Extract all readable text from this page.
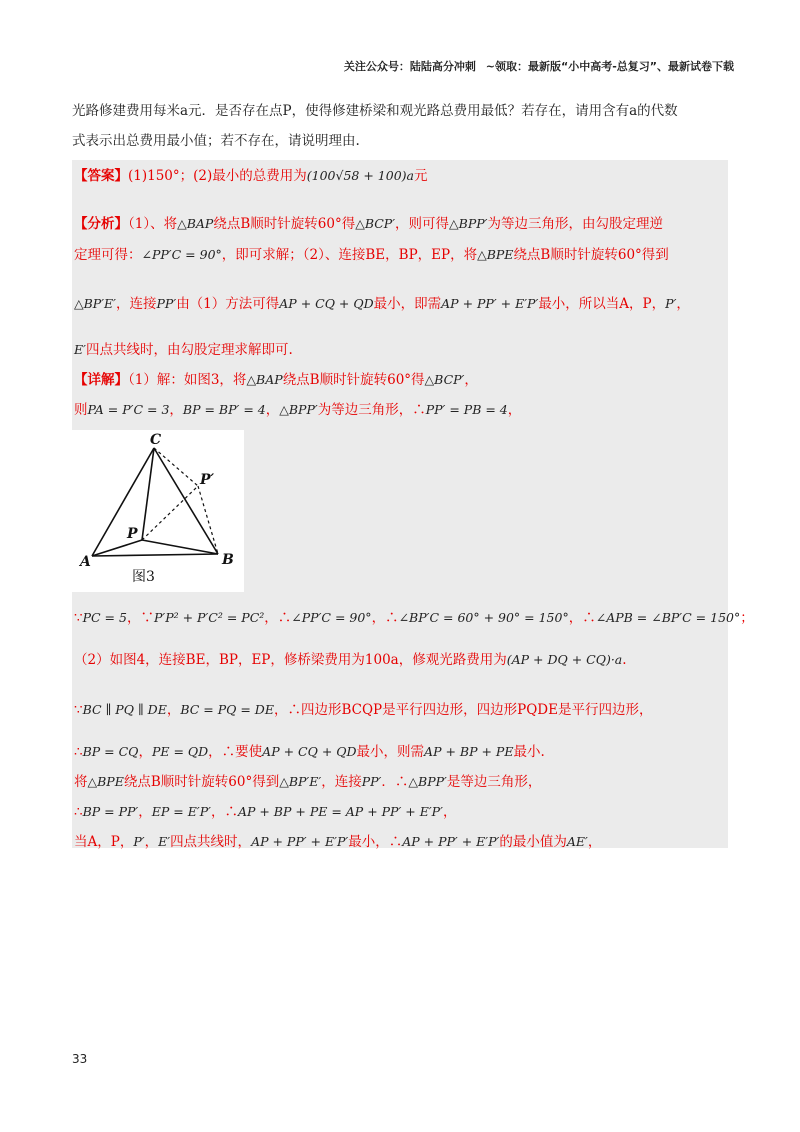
关注公众号：陆陆高分冲刺 ~领取：最新版“小中高考-总复习”、最新试卷下载
光路修建费用每米a元．是否存在点P，使得修建桥梁和观光路总费用最低？若存在，请用含有a的代数
式表示出总费用最小值；若不存在，请说明理由.
【答案】(1)150°；(2)最小的总费用为(100√58 + 100)a元
【分析】（1）、将△BAP绕点B顺时针旋转60°得△BCP′，则可得△BPP′为等边三角形，由勾股定理逆
定理可得：∠PP′C = 90°，即可求解；（2）、连接BE，BP，EP，将△BPE绕点B顺时针旋转60°得到
△BP′E′，连接PP′由（1）方法可得AP + CQ + QD最小，即需AP + PP′ + E′P′最小，所以当A，P，P′，
E′四点共线时，由勾股定理求解即可.
【详解】（1）解：如图3，将△BAP绕点B顺时针旋转60°得△BCP′，
则PA = P′C = 3，BP = BP′ = 4，△BPP′为等边三角形，∴PP′ = PB = 4，
C
A	B
P
P′
图3
∵PC = 5，∵P′P² + P′C² = PC²，∴∠PP′C = 90°，∴∠BP′C = 60° + 90° = 150°，∴∠APB = ∠BP′C = 150°；
（2）如图4，连接BE，BP，EP，修桥梁费用为100a，修观光路费用为(AP + DQ + CQ)·a.
∵BC ∥ PQ ∥ DE，BC = PQ = DE，∴四边形BCQP是平行四边形，四边形PQDE是平行四边形，
∴BP = CQ，PE = QD，∴要使AP + CQ + QD最小，则需AP + BP + PE最小.
将△BPE绕点B顺时针旋转60°得到△BP′E′，连接PP′．∴△BPP′是等边三角形，
∴BP = PP′，EP = E′P′，∴AP + BP + PE = AP + PP′ + E′P′，
当A，P，P′，E′四点共线时，AP + PP′ + E′P′最小，∴AP + PP′ + E′P′的最小值为AE′，
33
